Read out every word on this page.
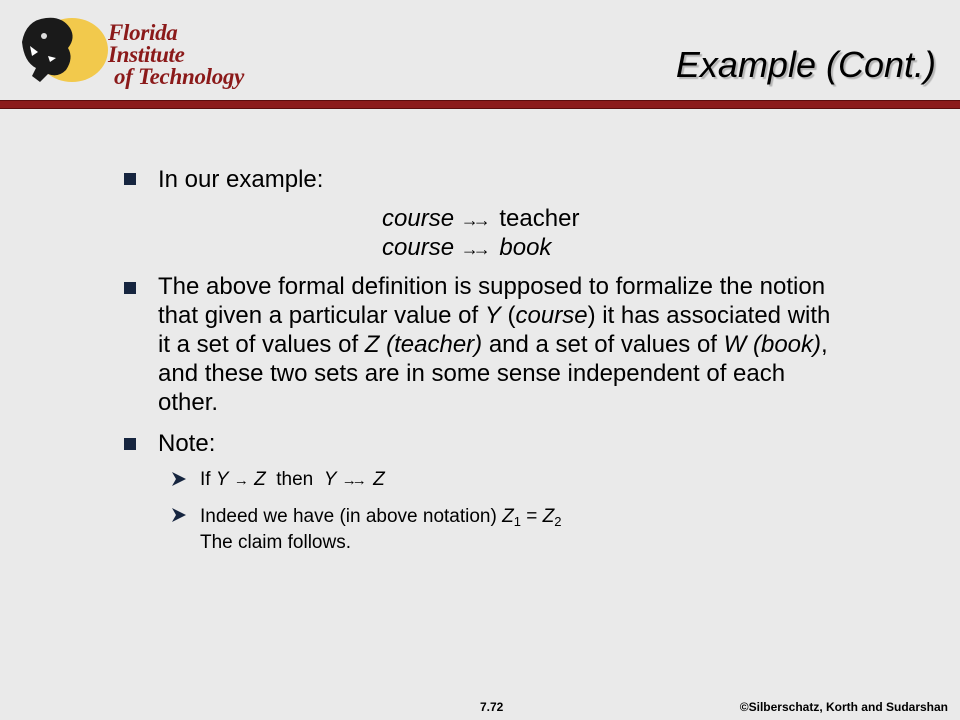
Florida Institute
of Technology	Example (Cont.)
In our example:
course →→ teacher
course →→ book
The above formal definition is supposed to formalize the notion that given a particular value of Y (course) it has associated with it a set of values of Z (teacher) and a set of values of W (book), and these two sets are in some sense independent of each other.
Note:
If Y → Z then Y →→ Z
Indeed we have (in above notation) $Z_1 = Z_2$
The claim follows.
7.72	©Silberschatz, Korth and Sudarshan
